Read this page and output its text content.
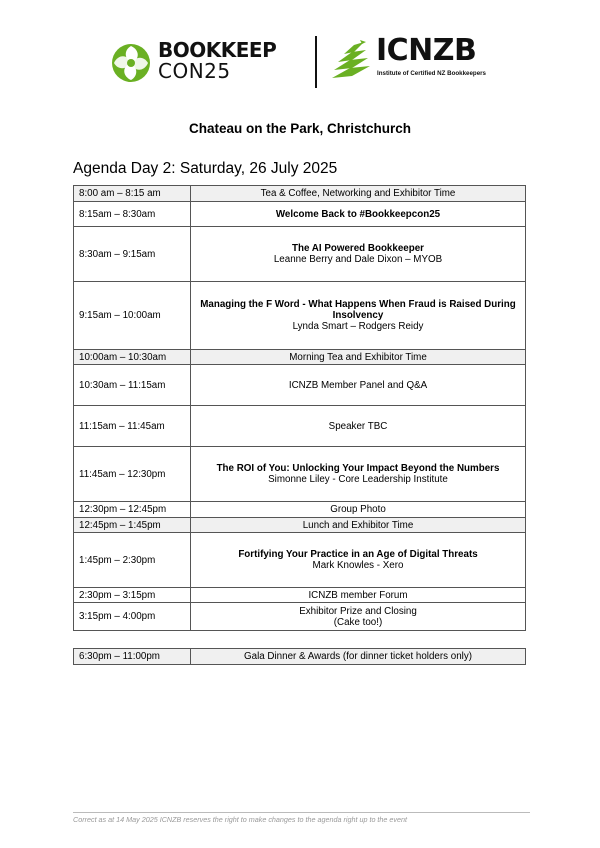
BOOKKEEP
CON25
ICNZB
Institute of Certified NZ Bookkeepers
Chateau on the Park, Christchurch
Agenda Day 2: Saturday, 26 July 2025
8:00 am – 8:15 am	Tea & Coffee, Networking and Exhibitor Time
8:15am – 8:30am	Welcome Back to #Bookkeepcon25

8:30am – 9:15am	The AI Powered Bookkeeper
Leanne Berry and Dale Dixon – MYOB

9:15am – 10:00am	Managing the F Word - What Happens When Fraud is Raised During Insolvency
Lynda Smart – Rodgers Reidy

10:00am – 10:30am	Morning Tea and Exhibitor Time
10:30am – 11:15am	ICNZB Member Panel and Q&A
11:15am – 11:45am	Speaker TBC
11:45am – 12:30pm	The ROI of You: Unlocking Your Impact Beyond the Numbers
Simonne Liley - Core Leadership Institute

12:30pm – 12:45pm	Group Photo
12:45pm – 1:45pm	Lunch and Exhibitor Time
1:45pm – 2:30pm	Fortifying Your Practice in an Age of Digital Threats
Mark Knowles - Xero

2:30pm – 3:15pm	ICNZB member Forum
3:15pm – 4:00pm	Exhibitor Prize and Closing
(Cake too!)
6:30pm – 11:00pm	Gala Dinner & Awards (for dinner ticket holders only)
Correct as at 14 May 2025 ICNZB reserves the right to make changes to the agenda right up to the event
